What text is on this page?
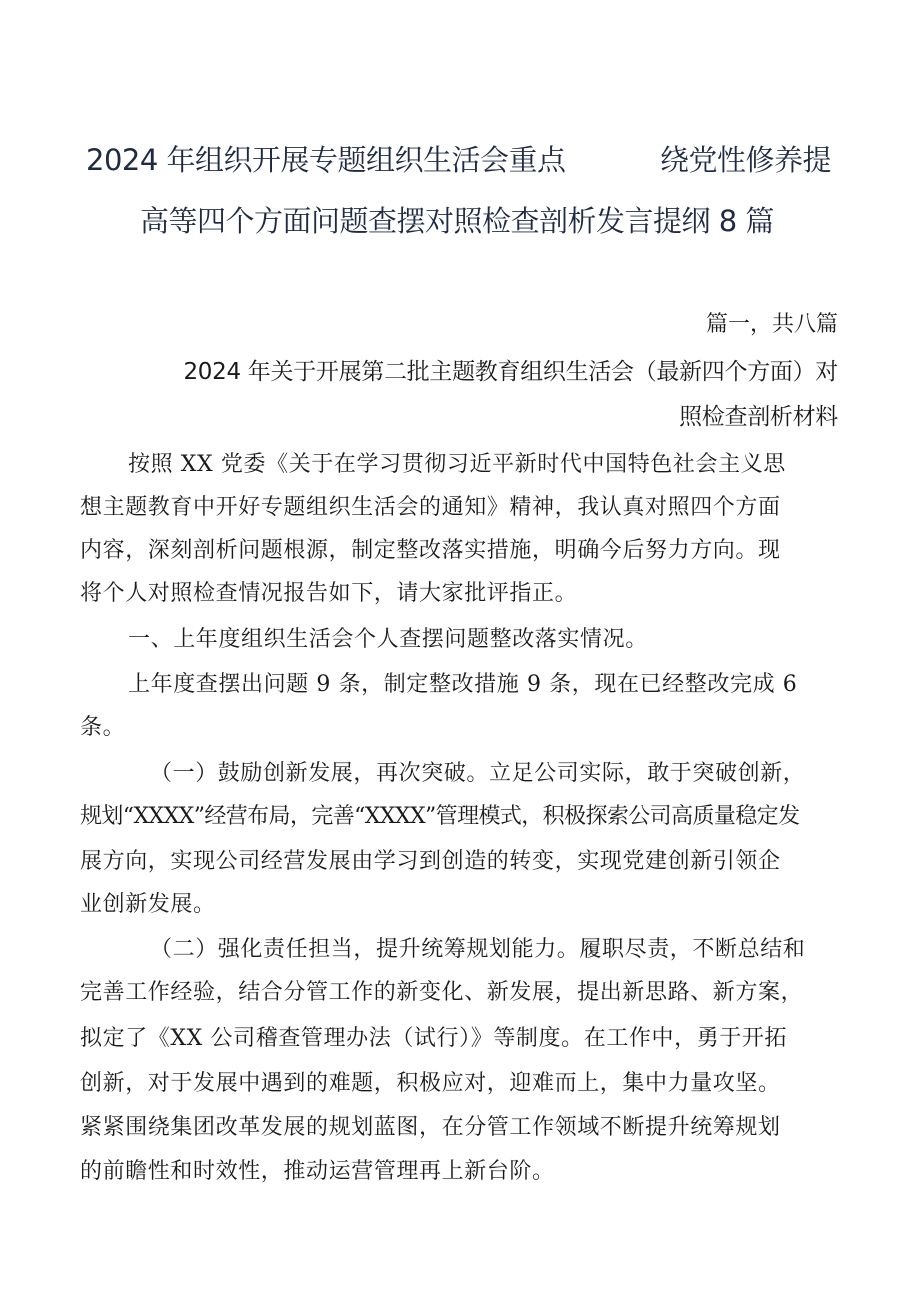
2024 年组织开展专题组织生活会重点	绕党性修养提
高等四个方面问题查摆对照检查剖析发言提纲 8 篇
篇一，共八篇
2024 年关于开展第二批主题教育组织生活会（最新四个方面）对
照检查剖析材料
按照 XX 党委《关于在学习贯彻习近平新时代中国特色社会主义思
想主题教育中开好专题组织生活会的通知》精神，我认真对照四个方面
内容，深刻剖析问题根源，制定整改落实措施，明确今后努力方向。现
将个人对照检查情况报告如下，请大家批评指正。
一、上年度组织生活会个人查摆问题整改落实情况。
上年度查摆出问题 9 条，制定整改措施 9 条，现在已经整改完成 6
条。
（一）鼓励创新发展，再次突破。立足公司实际，敢于突破创新，
规划“XXXX”经营布局，完善“XXXX”管理模式，积极探索公司高质量稳定发
展方向，实现公司经营发展由学习到创造的转变，实现党建创新引领企
业创新发展。
（二）强化责任担当，提升统筹规划能力。履职尽责，不断总结和
完善工作经验，结合分管工作的新变化、新发展，提出新思路、新方案，
拟定了《XX 公司稽查管理办法（试行）》等制度。在工作中，勇于开拓
创新，对于发展中遇到的难题，积极应对，迎难而上，集中力量攻坚。
紧紧围绕集团改革发展的规划蓝图，在分管工作领域不断提升统筹规划
的前瞻性和时效性，推动运营管理再上新台阶。
